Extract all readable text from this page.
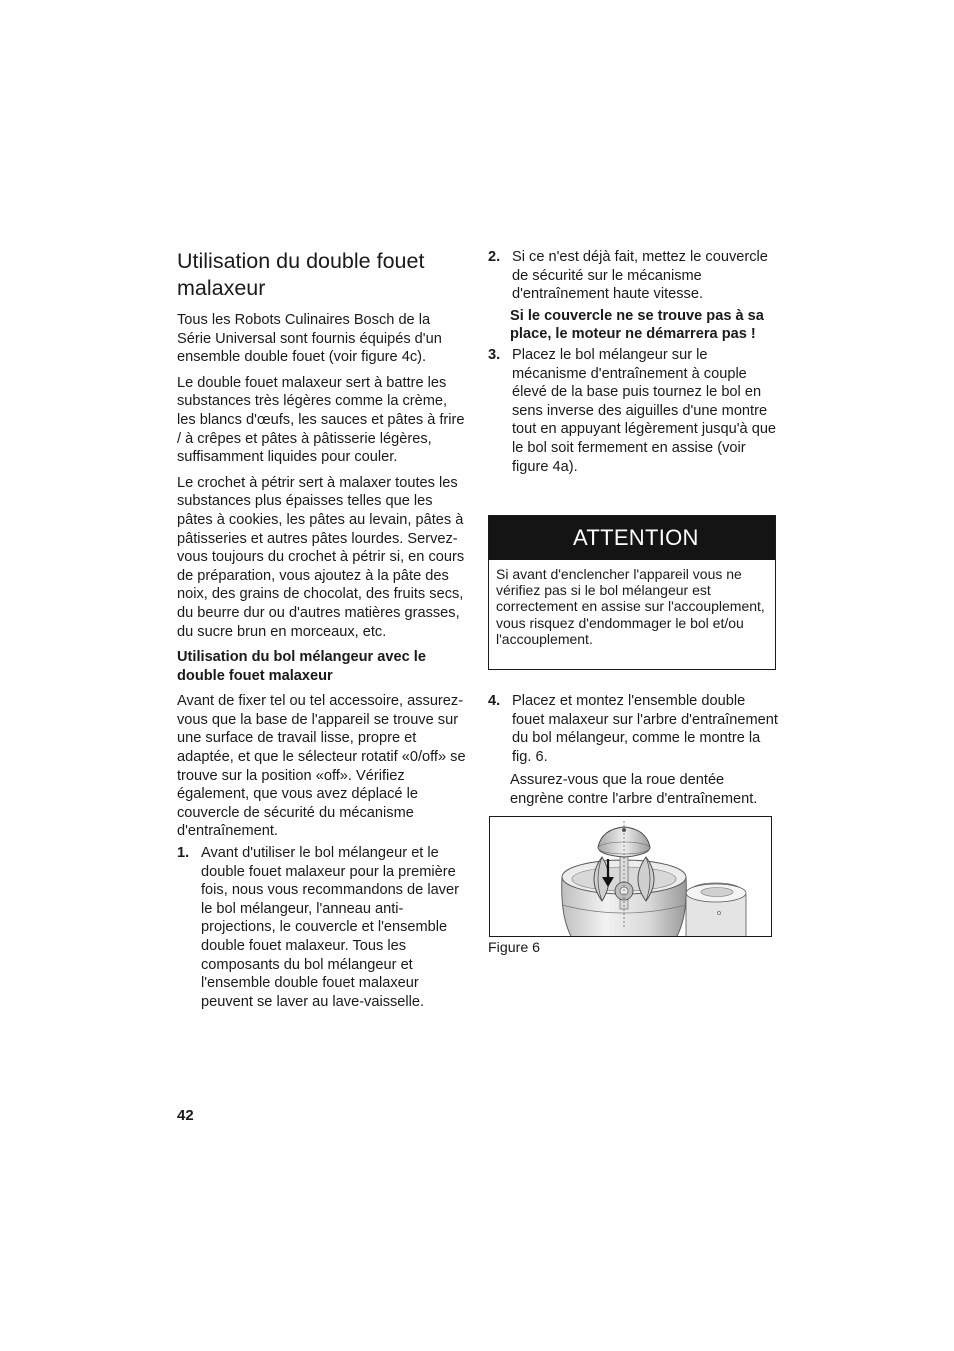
Utilisation du double fouet malaxeur

Tous les Robots Culinaires Bosch de la Série Universal sont fournis équipés d'un ensemble double fouet (voir figure 4c).

Le double fouet malaxeur sert à battre les substances très légères comme la crème, les blancs d'œufs, les sauces et pâtes à frire / à crêpes et pâtes à pâtisserie légères, suffisamment liquides pour couler.

Le crochet à pétrir sert à malaxer toutes les substances plus épaisses telles que les pâtes à cookies, les pâtes au levain, pâtes à pâtisseries et autres pâtes lourdes. Servez-vous toujours du crochet à pétrir si, en cours de préparation, vous ajoutez à la pâte des noix, des grains de chocolat, des fruits secs, du beurre dur ou d'autres matières grasses, du sucre brun en morceaux, etc.

Utilisation du bol mélangeur avec le double fouet malaxeur

Avant de fixer tel ou tel accessoire, assurez-vous que la base de l'appareil se trouve sur une surface de travail lisse, propre et adaptée, et que le sélecteur rotatif «0/off» se trouve sur la position «off». Vérifiez également, que vous avez déplacé le couvercle de sécurité du mécanisme d'entraînement.

1. Avant d'utiliser le bol mélangeur et le double fouet malaxeur pour la première fois, nous vous recommandons de laver le bol mélangeur, l'anneau anti-projections, le couvercle et l'ensemble double fouet malaxeur. Tous les composants du bol mélangeur et l'ensemble double fouet malaxeur peuvent se laver au lave-vaisselle.

2. Si ce n'est déjà fait, mettez le couvercle de sécurité sur le mécanisme d'entraînement haute vitesse.

Si le couvercle ne se trouve pas à sa place, le moteur ne démarrera pas !

3. Placez le bol mélangeur sur le mécanisme d'entraînement à couple élevé de la base puis tournez le bol en sens inverse des aiguilles d'une montre tout en appuyant légèrement jusqu'à que le bol soit fermement en assise (voir figure 4a).

ATTENTION
Si avant d'enclencher l'appareil vous ne vérifiez pas si le bol mélangeur est correctement en assise sur l'accouplement, vous risquez d'endommager le bol et/ou l'accouplement.
4. Placez et montez l'ensemble double fouet malaxeur sur l'arbre d'entraînement du bol mélangeur, comme le montre la fig. 6.

Assurez-vous que la roue dentée engrène contre l'arbre d'entraînement.

Figure 6
42
